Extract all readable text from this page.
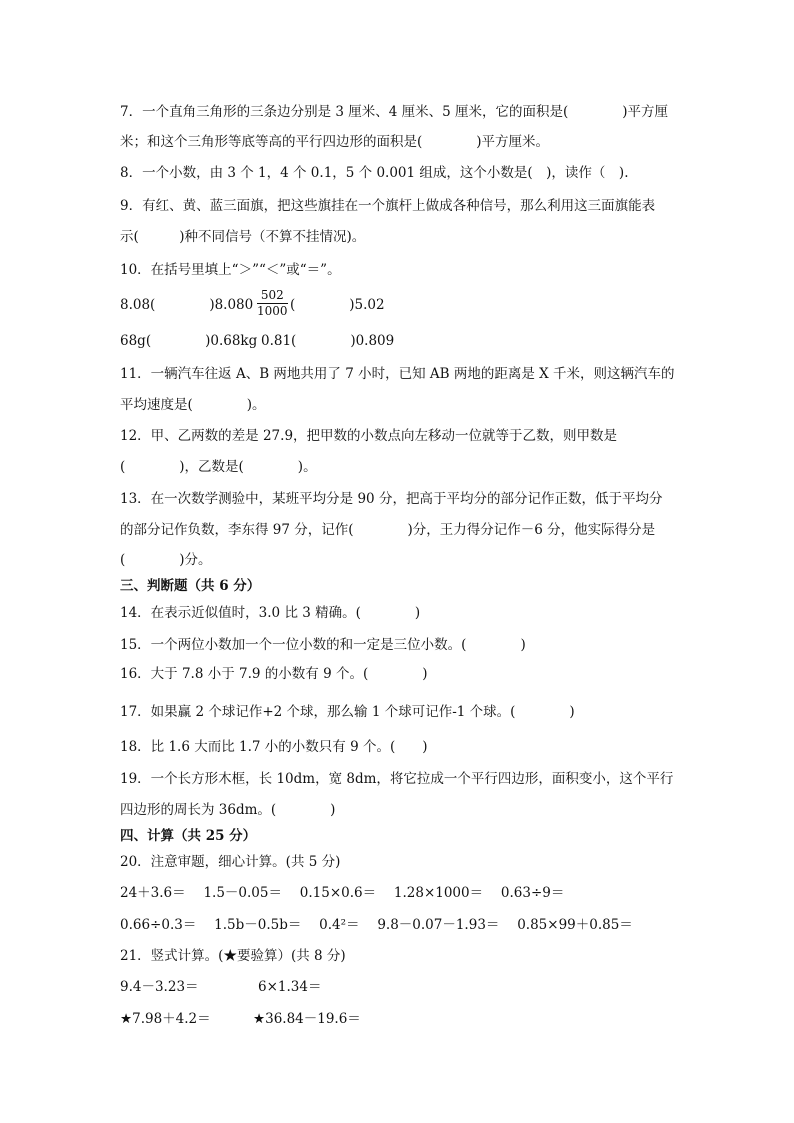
7．一个直角三角形的三条边分别是 3 厘米、4 厘米、5 厘米，它的面积是(　　　　)平方厘
米；和这个三角形等底等高的平行四边形的面积是(　　　　)平方厘米。
8．一个小数，由 3 个 1，4 个 0.1，5 个 0.001 组成，这个小数是(　)，读作（　).
9．有红、黄、蓝三面旗，把这些旗挂在一个旗杆上做成各种信号，那么利用这三面旗能表
示(　　　)种不同信号（不算不挂情况)。
10．在括号里填上“＞”“＜”或“＝”。
8.08(　　　　)$8.080 \frac{502}{1000}$ (　　　　)5.02
68g(　　　　)0.68kg 0.81(　　　　)0.809
11．一辆汽车往返 A、B 两地共用了 7 小时，已知 AB 两地的距离是 X 千米，则这辆汽车的
平均速度是(　　　　)。
12．甲、乙两数的差是 27.9，把甲数的小数点向左移动一位就等于乙数，则甲数是
(　　　　)，乙数是(　　　　)。
13．在一次数学测验中，某班平均分是 90 分，把高于平均分的部分记作正数，低于平均分
的部分记作负数，李东得 97 分，记作(　　　　)分，王力得分记作－6 分，他实际得分是
(　　　　)分。
三、判断题（共 6 分）
14．在表示近似值时，3.0 比 3 精确。(　　　　)
15．一个两位小数加一个一位小数的和一定是三位小数。(　　　　)
16．大于 7.8 小于 7.9 的小数有 9 个。(　　　　)
17．如果赢 2 个球记作+2 个球，那么输 1 个球可记作-1 个球。(　　　　)
18．比 1.6 大而比 1.7 小的小数只有 9 个。(　　)
19．一个长方形木框，长 10dm，宽 8dm，将它拉成一个平行四边形，面积变小，这个平行
四边形的周长为 36dm。(　　　　)
四、计算（共 25 分）
20．注意审题，细心计算。(共 5 分)
24＋3.6＝　 1.5－0.05＝　 0.15×0.6＝　 1.28×1000＝　 0.63÷9＝
0.66÷0.3＝　 1.5b－0.5b＝　 0.4²＝　 9.8－0.07－1.93＝　 0.85×99＋0.85＝
21．竖式计算。(★要验算）(共 8 分)
9.4－3.23＝	6×1.34＝
★7.98＋4.2＝	★36.84－19.6＝
